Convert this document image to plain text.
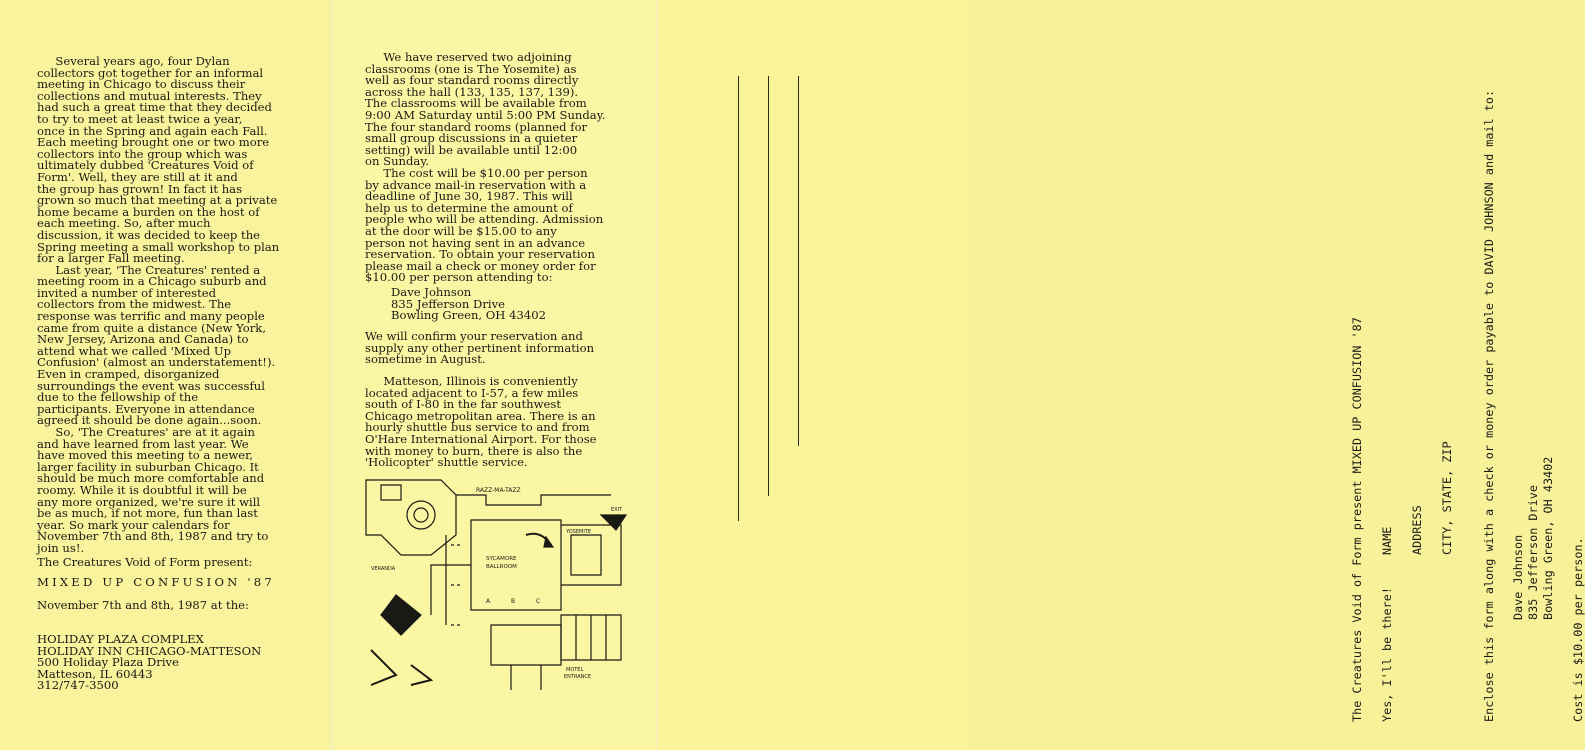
Several years ago, four Dylan
collectors got together for an informal
meeting in Chicago to discuss their
collections and mutual interests. They
had such a great time that they decided
to try to meet at least twice a year,
once in the Spring and again each Fall.
Each meeting brought one or two more
collectors into the group which was
ultimately dubbed 'Creatures Void of
Form'. Well, they are still at it and
the group has grown! In fact it has
grown so much that meeting at a private
home became a burden on the host of
each meeting. So, after much
discussion, it was decided to keep the
Spring meeting a small workshop to plan
for a larger Fall meeting.
Last year, 'The Creatures' rented a
meeting room in a Chicago suburb and
invited a number of interested
collectors from the midwest. The
response was terrific and many people
came from quite a distance (New York,
New Jersey, Arizona and Canada) to
attend what we called 'Mixed Up
Confusion' (almost an understatement!).
Even in cramped, disorganized
surroundings the event was successful
due to the fellowship of the
participants. Everyone in attendance
agreed it should be done again...soon.
So, 'The Creatures' are at it again
and have learned from last year. We
have moved this meeting to a newer,
larger facility in suburban Chicago. It
should be much more comfortable and
roomy. While it is doubtful it will be
any more organized, we're sure it will
be as much, if not more, fun than last
year. So mark your calendars for
November 7th and 8th, 1987 and try to
join us!.
The Creatures Void of Form present:
MIXED UP CONFUSION '87
November 7th and 8th, 1987 at the:
HOLIDAY PLAZA COMPLEX
HOLIDAY INN CHICAGO-MATTESON
500 Holiday Plaza Drive
Matteson, IL 60443
312/747-3500
We have reserved two adjoining
classrooms (one is The Yosemite) as
well as four standard rooms directly
across the hall (133, 135, 137, 139).
The classrooms will be available from
9:00 AM Saturday until 5:00 PM Sunday.
The four standard rooms (planned for
small group discussions in a quieter
setting) will be available until 12:00
on Sunday.
The cost will be $10.00 per person
by advance mail-in reservation with a
deadline of June 30, 1987. This will
help us to determine the amount of
people who will be attending. Admission
at the door will be $15.00 to any
person not having sent in an advance
reservation. To obtain your reservation
please mail a check or money order for
$10.00 per person attending to:
Dave Johnson
835 Jefferson Drive
Bowling Green, OH 43402
We will confirm your reservation and
supply any other pertinent information
sometime in August.
Matteson, Illinois is conveniently
located adjacent to I-57, a few miles
south of I-80 in the far southwest
Chicago metropolitan area. There is an
hourly shuttle bus service to and from
O'Hare International Airport. For those
with money to burn, there is also the
'Holicopter' shuttle service.
RAZZ-MA-TAZZ
SYCAMORE
BALLROOM
YOSEMITE
EXIT
MOTEL
ENTRANCE
VERANDA
A	B	C	The Creatures Void of Form present MIXED UP CONFUSION '87 Yes, I'll be there!
NAME ADDRESS CITY, STATE, ZIP Enclose this form along with a check or money order payable to DAVID JOHNSON and mail to: Dave Johnson 835 Jefferson Drive Bowling Green, OH 43402 Cost is $10.00 per person.
